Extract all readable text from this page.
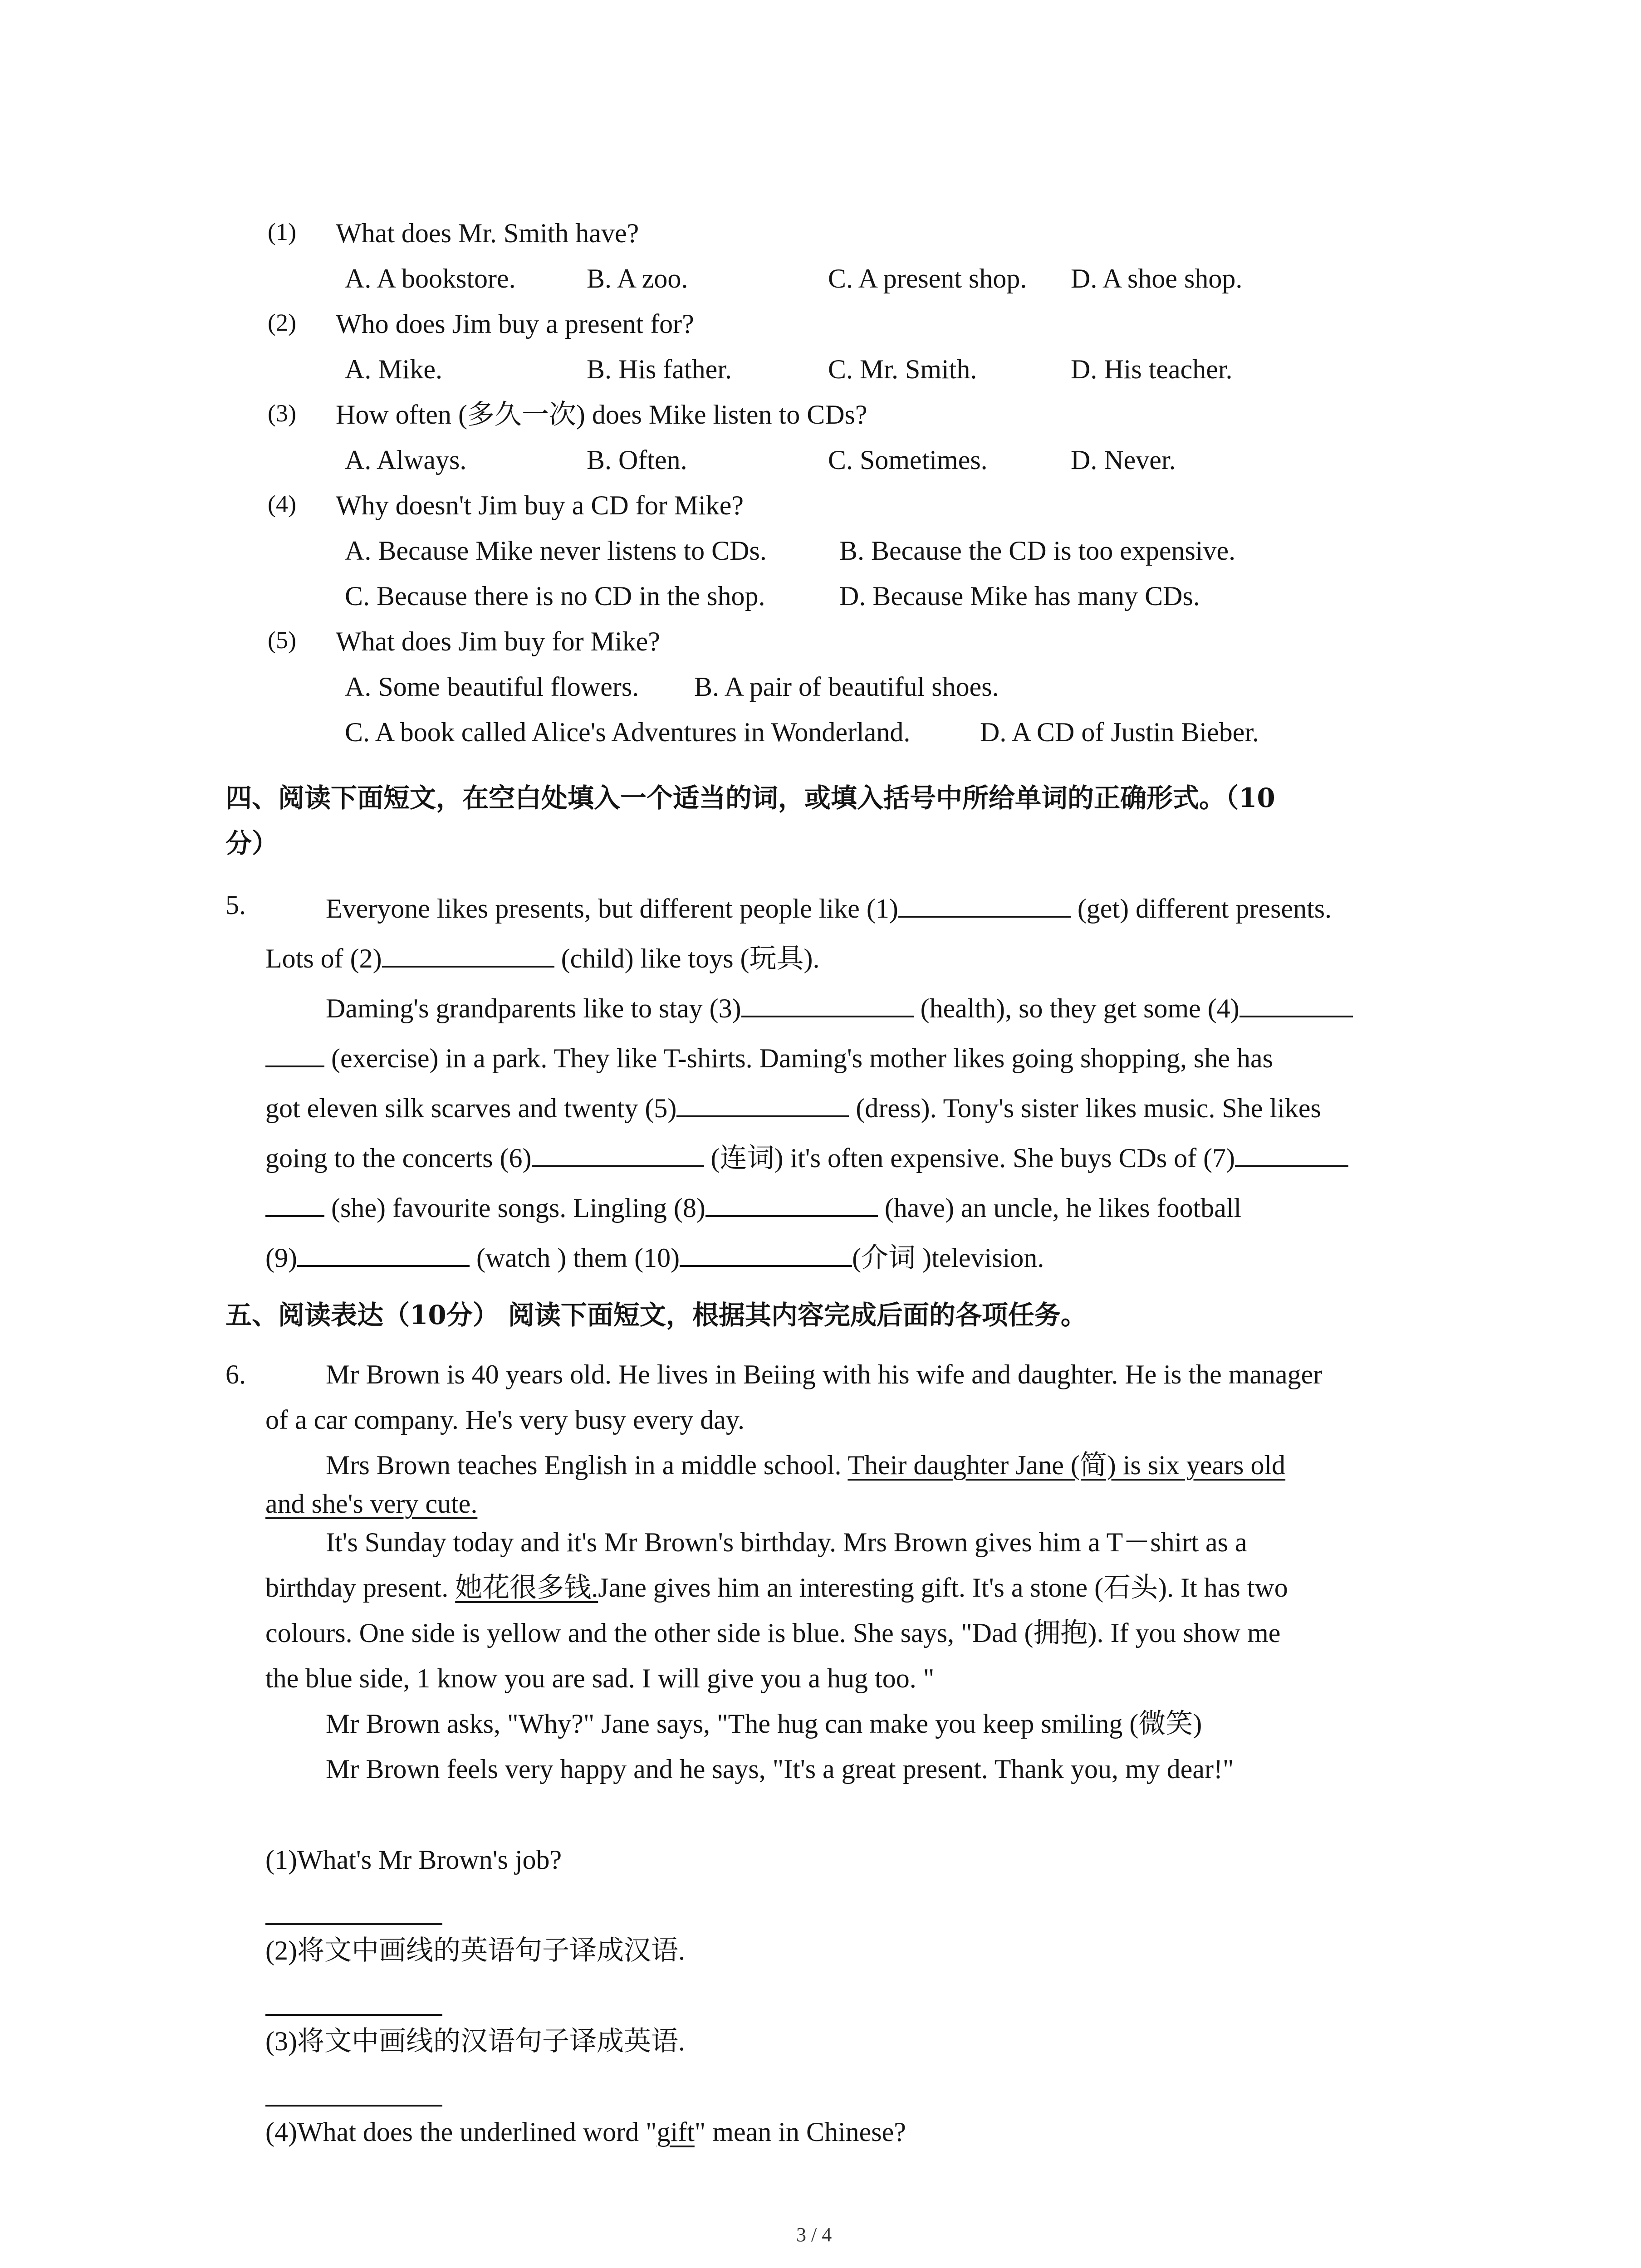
(1) What does Mr. Smith have?
A. A bookstore.	B. A zoo.	C. A present shop. D. A shoe shop.
(2) Who does Jim buy a present for?
A. Mike.	B. His father.	C. Mr. Smith.	D. His teacher.
(3) How often (多久一次) does Mike listen to CDs?
A. Always.	B. Often.	C. Sometimes.	D. Never.
(4) Why doesn't Jim buy a CD for Mike?
A. Because Mike never listens to CDs.	B. Because the CD is too expensive.
C. Because there is no CD in the shop.	D. Because Mike has many CDs.
(5) What does Jim buy for Mike?
A. Some beautiful flowers. B. A pair of beautiful shoes.
C. A book called Alice's Adventures in Wonderland.	D. A CD of Justin Bieber.
四、阅读下面短文，在空白处填入一个适当的词，或填入括号中所给单词的正确形式。（10
分）
5.	Everyone likes presents, but different people like (1)	(get) different presents.
Lots of (2)	(child) like toys (玩具).
Daming's grandparents like to stay (3)	(health), so they get some (4)
(exercise) in a park. They like T-shirts. Daming's mother likes going shopping, she has
got eleven silk scarves and twenty (5)	(dress). Tony's sister likes music. She likes
going to the concerts (6)	(连词) it's often expensive. She buys CDs of (7)
(she) favourite songs. Lingling (8)	(have) an uncle, he likes football
(9)	(watch ) them (10)	(介词 )television.
五、阅读表达（10分） 阅读下面短文，根据其内容完成后面的各项任务。
6.	Mr Brown is 40 years old. He lives in Beiing with his wife and daughter. He is the manager
of a car company. He's very busy every day.
Mrs Brown teaches English in a middle school. Their daughter Jane (简) is six years old
and she's very cute.
It's Sunday today and it's Mr Brown's birthday. Mrs Brown gives him a T－shirt as a
birthday present. 她花很多钱.Jane gives him an interesting gift. It's a stone (石头). It has two
colours. One side is yellow and the other side is blue. She says, "Dad (拥抱). If you show me
the blue side, 1 know you are sad. I will give you a hug too. "
Mr Brown asks, "Why?" Jane says, "The hug can make you keep smiling (微笑)
Mr Brown feels very happy and he says, "It's a great present. Thank you, my dear!"
(1)What's Mr Brown's job?
(2)将文中画线的英语句子译成汉语.
(3)将文中画线的汉语句子译成英语.
(4)What does the underlined word "gift" mean in Chinese?
3 / 4
